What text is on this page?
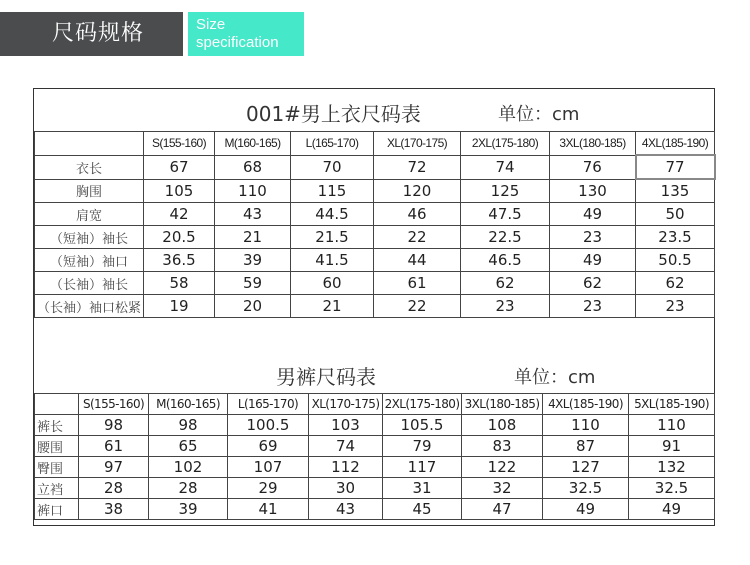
尺码规格	Size
specification
001#男上衣尺码表	单位：cm
	S(155-160)	M(160-165)	L(165-170)	XL(170-175)	2XL(175-180)	3XL(180-185)	4XL(185-190)
衣长	67	68	70	72	74	76	77
胸围	105	110	115	120	125	130	135
肩宽	42	43	44.5	46	47.5	49	50
（短袖）袖长	20.5	21	21.5	22	22.5	23	23.5
（短袖）袖口	36.5	39	41.5	44	46.5	49	50.5
（长袖）袖长	58	59	60	61	62	62	62
（长袖）袖口松紧	19	20	21	22	23	23	23
男裤尺码表	单位：cm
	S(155-160)	M(160-165)	L(165-170)	XL(170-175)	2XL(175-180)	3XL(180-185)	4XL(185-190)	5XL(185-190)
裤长	98	98	100.5	103	105.5	108	110	110
腰围	61	65	69	74	79	83	87	91
臀围	97	102	107	112	117	122	127	132
立裆	28	28	29	30	31	32	32.5	32.5
裤口	38	39	41	43	45	47	49	49
